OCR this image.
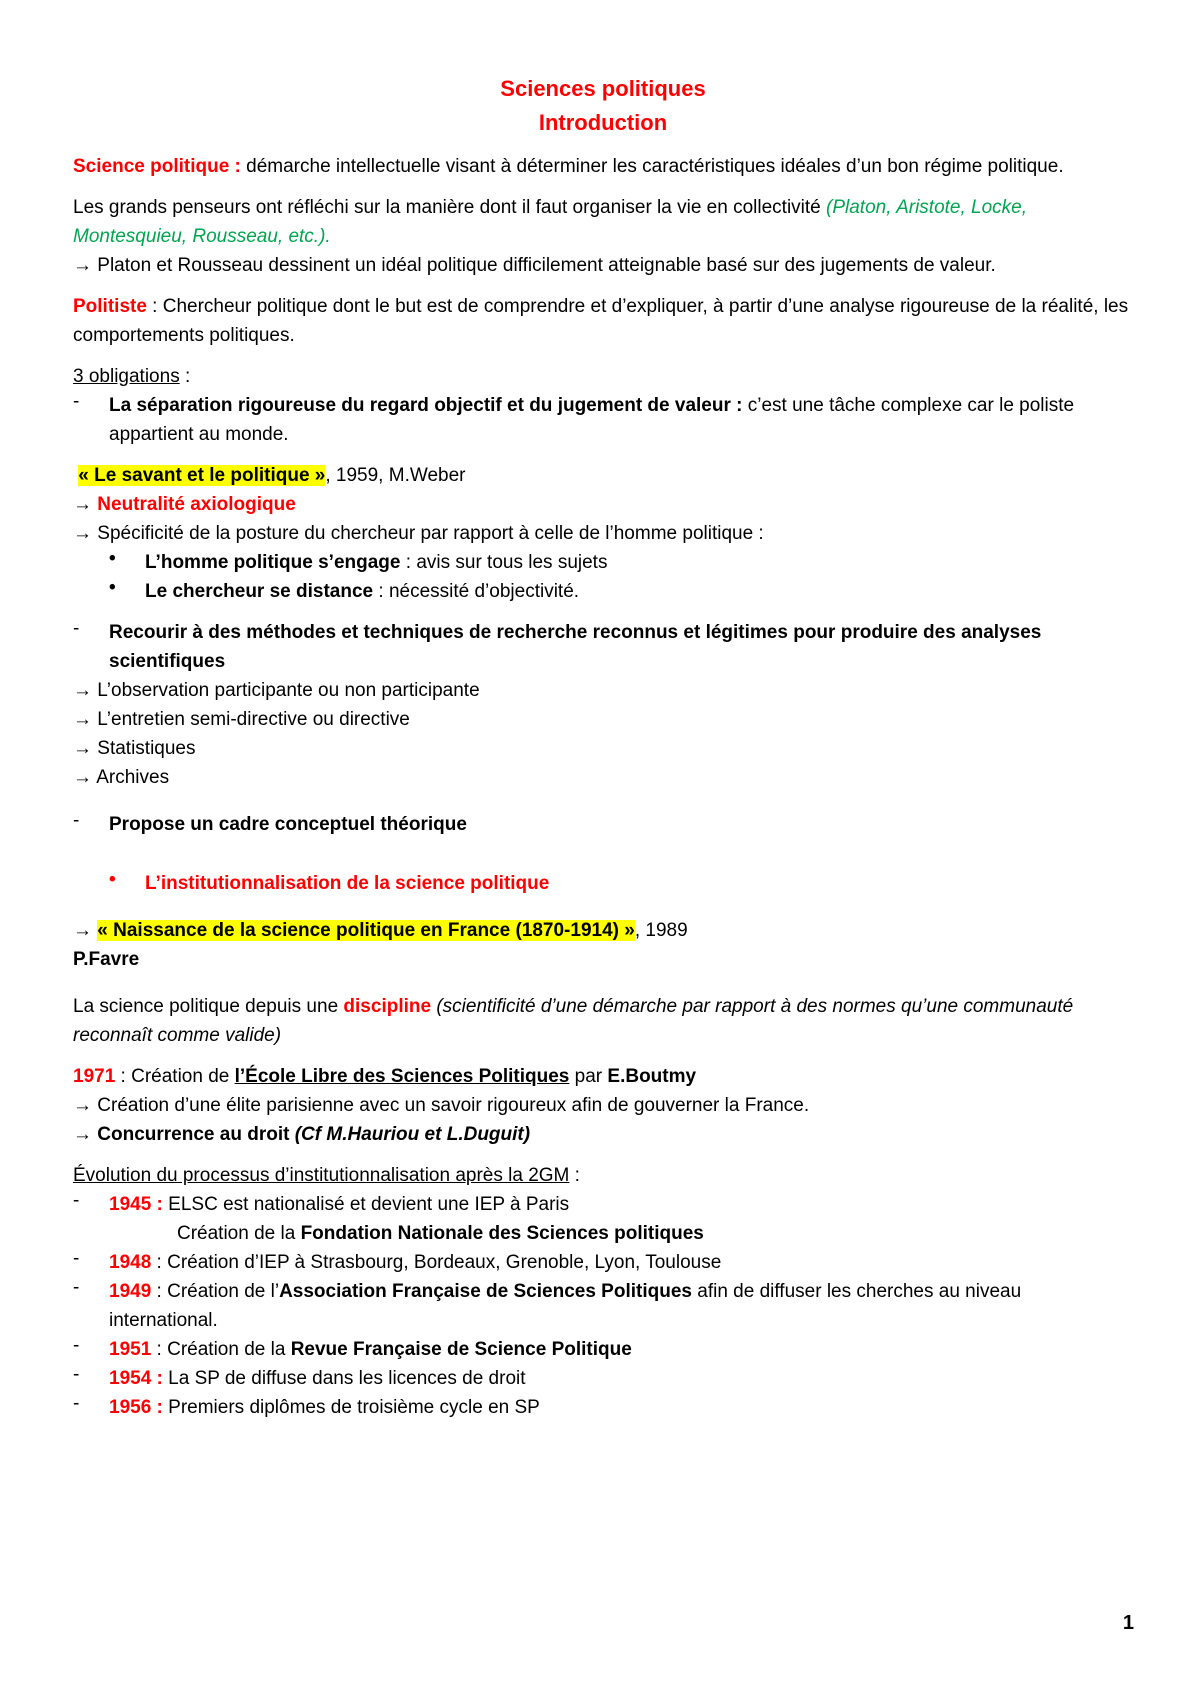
Sciences politiques
Introduction

Science politique : démarche intellectuelle visant à déterminer les caractéristiques idéales d’un bon régime politique.

Les grands penseurs ont réfléchi sur la manière dont il faut organiser la vie en collectivité (Platon, Aristote, Locke, Montesquieu, Rousseau, etc.).

→ Platon et Rousseau dessinent un idéal politique difficilement atteignable basé sur des jugements de valeur.

Politiste : Chercheur politique dont le but est de comprendre et d’expliquer, à partir d’une analyse rigoureuse de la réalité, les comportements politiques.

3 obligations :

-	La séparation rigoureuse du regard objectif et du jugement de valeur : c’est une tâche complexe car le poliste appartient au monde.

« Le savant et le politique », 1959, M.Weber

→ Neutralité axiologique

→ Spécificité de la posture du chercheur par rapport à celle de l’homme politique :

•	L’homme politique s’engage : avis sur tous les sujets

•	Le chercheur se distance : nécessité d’objectivité.

-	Recourir à des méthodes et techniques de recherche reconnus et légitimes pour produire des analyses scientifiques

→ L’observation participante ou non participante

→ L’entretien semi-directive ou directive

→ Statistiques

→ Archives

-	Propose un cadre conceptuel théorique

•	L’institutionnalisation de la science politique

→ « Naissance de la science politique en France (1870-1914) », 1989

P.Favre

La science politique depuis une discipline (scientificité d’une démarche par rapport à des normes qu’une communauté reconnaît comme valide)

1971 : Création de l’École Libre des Sciences Politiques par E.Boutmy

→ Création d’une élite parisienne avec un savoir rigoureux afin de gouverner la France.

→ Concurrence au droit (Cf M.Hauriou et L.Duguit)

Évolution du processus d’institutionnalisation après la 2GM :

-	1945 : ELSC est nationalisé et devient une IEP à Paris

Création de la Fondation Nationale des Sciences politiques

-	1948 : Création d’IEP à Strasbourg, Bordeaux, Grenoble, Lyon, Toulouse

-	1949 : Création de l’Association Française de Sciences Politiques afin de diffuser les cherches au niveau international.

-	1951 : Création de la Revue Française de Science Politique

-	1954 : La SP de diffuse dans les licences de droit

-	1956 : Premiers diplômes de troisième cycle en SP

1
